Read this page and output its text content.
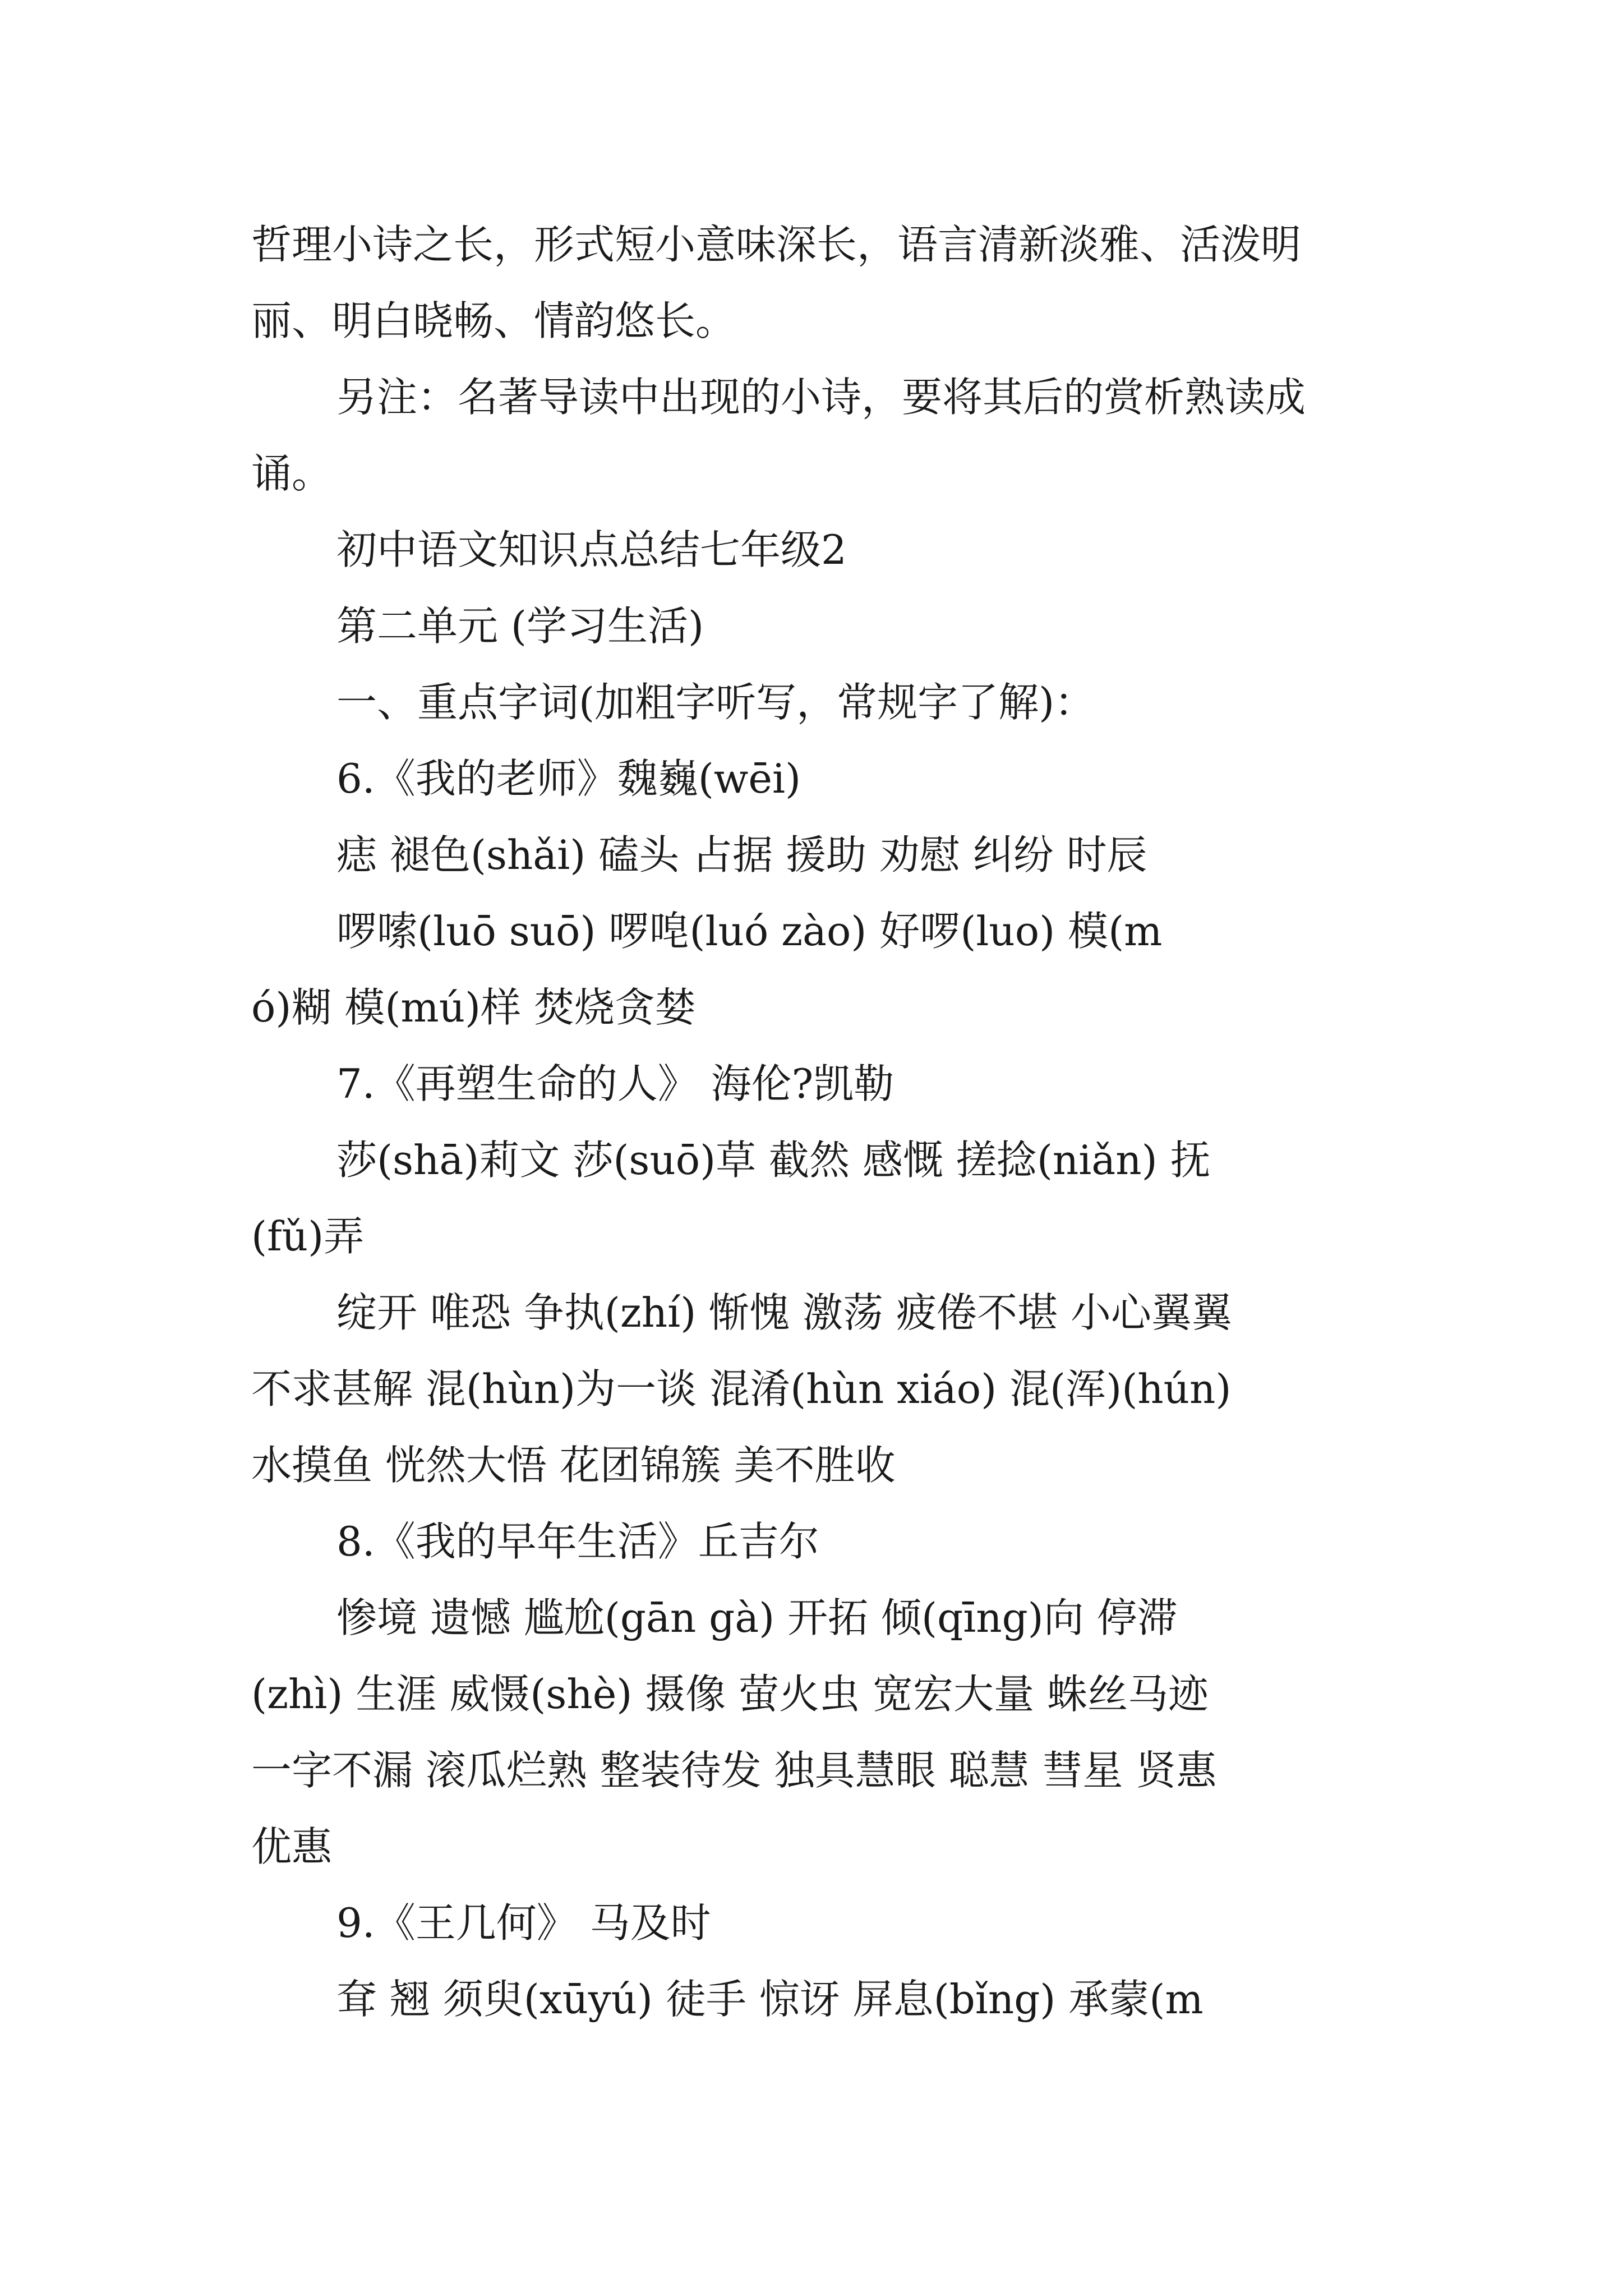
哲理小诗之长，形式短小意味深长，语言清新淡雅、活泼明
丽、明白晓畅、情韵悠长。
另注：名著导读中出现的小诗，要将其后的赏析熟读成
诵。
初中语文知识点总结七年级2
第二单元 (学习生活)
一、重点字词(加粗字听写，常规字了解)：
6.《我的老师》魏巍(wēi)
痣 褪色(shǎi) 磕头 占据 援助 劝慰 纠纷 时辰
啰嗦(luō suō) 啰唣(luó zào) 好啰(luo) 模(m
ó)糊 模(mú)样 焚烧贪婪
7.《再塑生命的人》 海伦?凯勒
莎(shā)莉文 莎(suō)草 截然 感慨 搓捻(niǎn) 抚
(fǔ)弄
绽开 唯恐 争执(zhí) 惭愧 激荡 疲倦不堪 小心翼翼
不求甚解 混(hùn)为一谈 混淆(hùn xiáo) 混(浑)(hún)
水摸鱼 恍然大悟 花团锦簇 美不胜收
8.《我的早年生活》丘吉尔
惨境 遗憾 尴尬(gān gà) 开拓 倾(qīng)向 停滞
(zhì) 生涯 威慑(shè) 摄像 萤火虫 宽宏大量 蛛丝马迹
一字不漏 滚瓜烂熟 整装待发 独具慧眼 聪慧 彗星 贤惠
优惠
9.《王几何》 马及时
耷 翘 须臾(xūyú) 徒手 惊讶 屏息(bǐng) 承蒙(m
